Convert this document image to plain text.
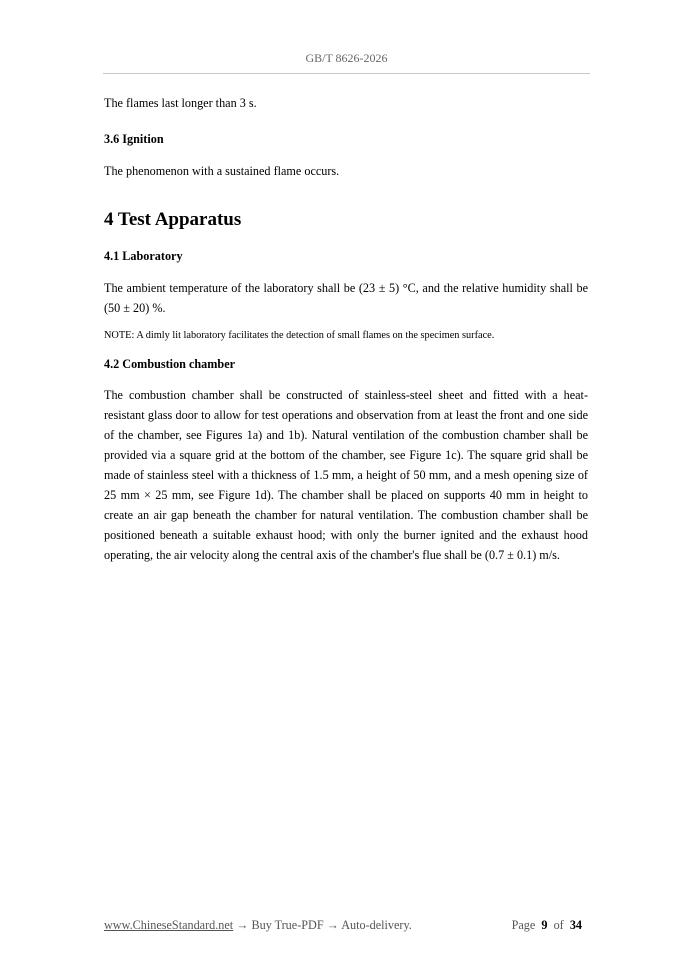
GB/T 8626-2026

The flames last longer than 3 s.

3.6 Ignition

The phenomenon with a sustained flame occurs.

4 Test Apparatus
4.1 Laboratory

The ambient temperature of the laboratory shall be (23 ± 5) °C, and the relative humidity shall be (50 ± 20) %.

NOTE: A dimly lit laboratory facilitates the detection of small flames on the specimen surface.

4.2 Combustion chamber

The combustion chamber shall be constructed of stainless-steel sheet and fitted with a heat-resistant glass door to allow for test operations and observation from at least the front and one side of the chamber, see Figures 1a) and 1b). Natural ventilation of the combustion chamber shall be provided via a square grid at the bottom of the chamber, see Figure 1c). The square grid shall be made of stainless steel with a thickness of 1.5 mm, a height of 50 mm, and a mesh opening size of 25 mm × 25 mm, see Figure 1d). The chamber shall be placed on supports 40 mm in height to create an air gap beneath the chamber for natural ventilation. The combustion chamber shall be positioned beneath a suitable exhaust hood; with only the burner ignited and the exhaust hood operating, the air velocity along the central axis of the chamber's flue shall be (0.7 ± 0.1) m/s.

www.ChineseStandard.net → Buy True-PDF → Auto-delivery.	Page 9 of 34
